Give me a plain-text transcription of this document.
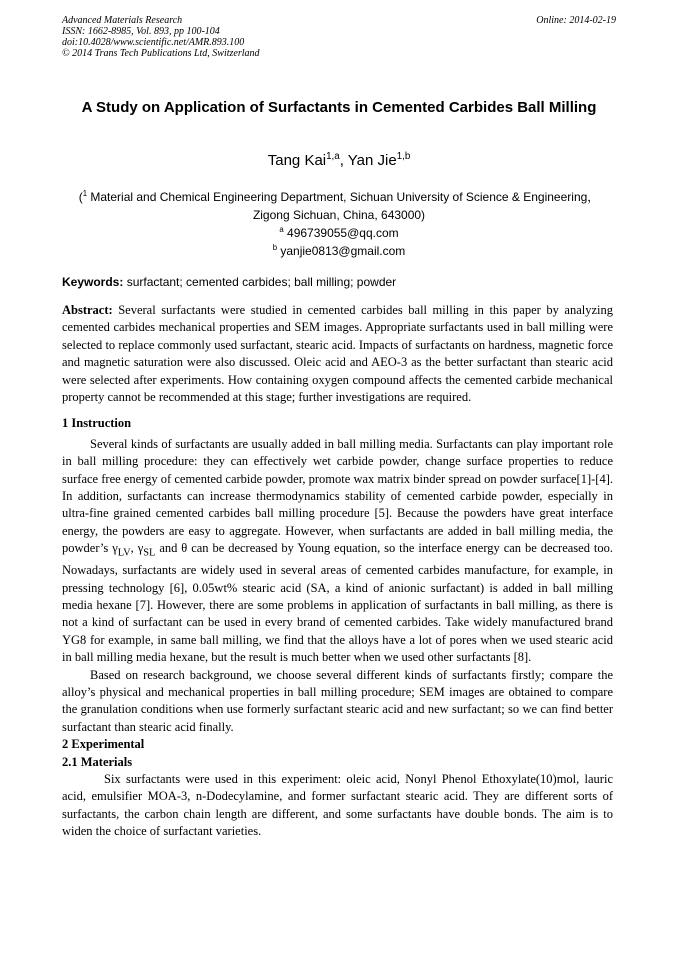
Advanced Materials Research
ISSN: 1662-8985, Vol. 893, pp 100-104
doi:10.4028/www.scientific.net/AMR.893.100
© 2014 Trans Tech Publications Ltd, Switzerland
Online: 2014-02-19
A Study on Application of Surfactants in Cemented Carbides Ball Milling
Tang Kai$^{1,a}$, Yan Jie$^{1,b}$
($^1$ Material and Chemical Engineering Department, Sichuan University of Science & Engineering，
Zigong Sichuan, China, 643000)
$^a$ 496739055@qq.com
$^b$ yanjie0813@gmail.com
Keywords: surfactant; cemented carbides; ball milling; powder

Abstract: Several surfactants were studied in cemented carbides ball milling in this paper by analyzing cemented carbides mechanical properties and SEM images. Appropriate surfactants used in ball milling were selected to replace commonly used surfactant, stearic acid. Impacts of surfactants on hardness, magnetic force and magnetic saturation were also discussed. Oleic acid and AEO-3 as the better surfactant than stearic acid were selected after experiments. How containing oxygen compound affects the cemented carbide mechanical property cannot be recommended at this stage; further investigations are required.

1 Instruction

Several kinds of surfactants are usually added in ball milling media. Surfactants can play important role in ball milling procedure: they can effectively wet carbide powder, change surface properties to reduce surface free energy of cemented carbide powder, promote wax matrix binder spread on powder surface[1]-[4]. In addition, surfactants can increase thermodynamics stability of cemented carbide powder, especially in ultra-fine grained cemented carbides ball milling procedure [5]. Because the powders have great interface energy, the powders are easy to aggregate. However, when surfactants are added in ball milling media, the powder’s $\gamma_{LV}$, $\gamma_{SL}$ and θ can be decreased by Young equation, so the interface energy can be decreased too. Nowadays, surfactants are widely used in several areas of cemented carbides manufacture, for example, in pressing technology [6], 0.05wt% stearic acid (SA, a kind of anionic surfactant) is added in ball milling media hexane [7]. However, there are some problems in application of surfactants in ball milling, as there is not a kind of surfactant can be used in every brand of cemented carbides. Take widely manufactured brand YG8 for example, in same ball milling, we find that the alloys have a lot of pores when we used stearic acid in ball milling media hexane, but the result is much better when we used other surfactants [8].

Based on research background, we choose several different kinds of surfactants firstly; compare the alloy’s physical and mechanical properties in ball milling procedure; SEM images are obtained to compare the granulation conditions when use formerly surfactant stearic acid and new surfactant; so we can find better surfactant than stearic acid finally.

2 Experimental

2.1 Materials

Six surfactants were used in this experiment: oleic acid, Nonyl Phenol Ethoxylate(10)mol, lauric acid, emulsifier MOA-3, n-Dodecylamine, and former surfactant stearic acid. They are different sorts of surfactants, the carbon chain length are different, and some surfactants have double bonds. The aim is to widen the choice of surfactant varieties.
